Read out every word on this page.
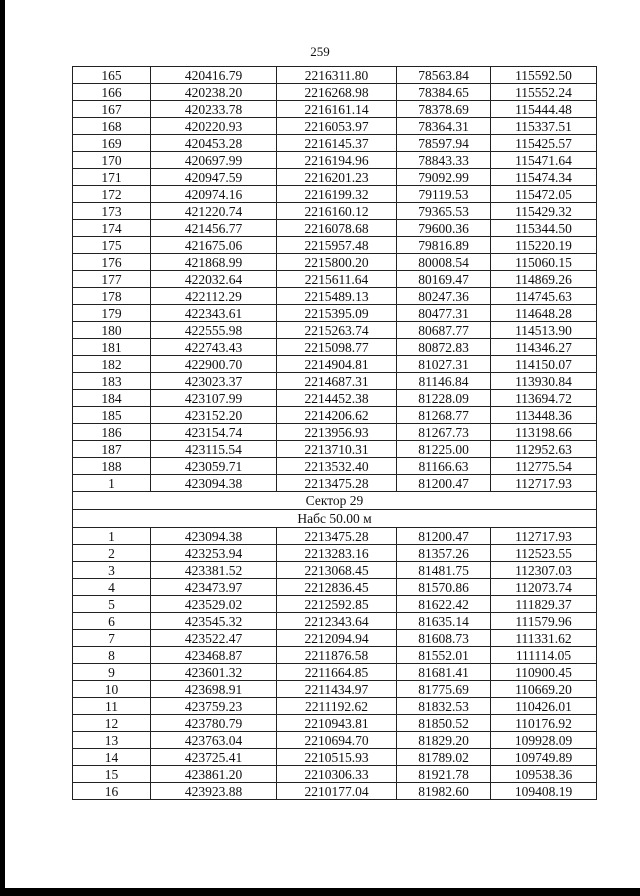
259
165	420416.79	2216311.80	78563.84	115592.50
166	420238.20	2216268.98	78384.65	115552.24
167	420233.78	2216161.14	78378.69	115444.48
168	420220.93	2216053.97	78364.31	115337.51
169	420453.28	2216145.37	78597.94	115425.57
170	420697.99	2216194.96	78843.33	115471.64
171	420947.59	2216201.23	79092.99	115474.34
172	420974.16	2216199.32	79119.53	115472.05
173	421220.74	2216160.12	79365.53	115429.32
174	421456.77	2216078.68	79600.36	115344.50
175	421675.06	2215957.48	79816.89	115220.19
176	421868.99	2215800.20	80008.54	115060.15
177	422032.64	2215611.64	80169.47	114869.26
178	422112.29	2215489.13	80247.36	114745.63
179	422343.61	2215395.09	80477.31	114648.28
180	422555.98	2215263.74	80687.77	114513.90
181	422743.43	2215098.77	80872.83	114346.27
182	422900.70	2214904.81	81027.31	114150.07
183	423023.37	2214687.31	81146.84	113930.84
184	423107.99	2214452.38	81228.09	113694.72
185	423152.20	2214206.62	81268.77	113448.36
186	423154.74	2213956.93	81267.73	113198.66
187	423115.54	2213710.31	81225.00	112952.63
188	423059.71	2213532.40	81166.63	112775.54
1	423094.38	2213475.28	81200.47	112717.93
Сектор 29				
Набс 50.00 м				
1	423094.38	2213475.28	81200.47	112717.93
2	423253.94	2213283.16	81357.26	112523.55
3	423381.52	2213068.45	81481.75	112307.03
4	423473.97	2212836.45	81570.86	112073.74
5	423529.02	2212592.85	81622.42	111829.37
6	423545.32	2212343.64	81635.14	111579.96
7	423522.47	2212094.94	81608.73	111331.62
8	423468.87	2211876.58	81552.01	111114.05
9	423601.32	2211664.85	81681.41	110900.45
10	423698.91	2211434.97	81775.69	110669.20
11	423759.23	2211192.62	81832.53	110426.01
12	423780.79	2210943.81	81850.52	110176.92
13	423763.04	2210694.70	81829.20	109928.09
14	423725.41	2210515.93	81789.02	109749.89
15	423861.20	2210306.33	81921.78	109538.36
16	423923.88	2210177.04	81982.60	109408.19
